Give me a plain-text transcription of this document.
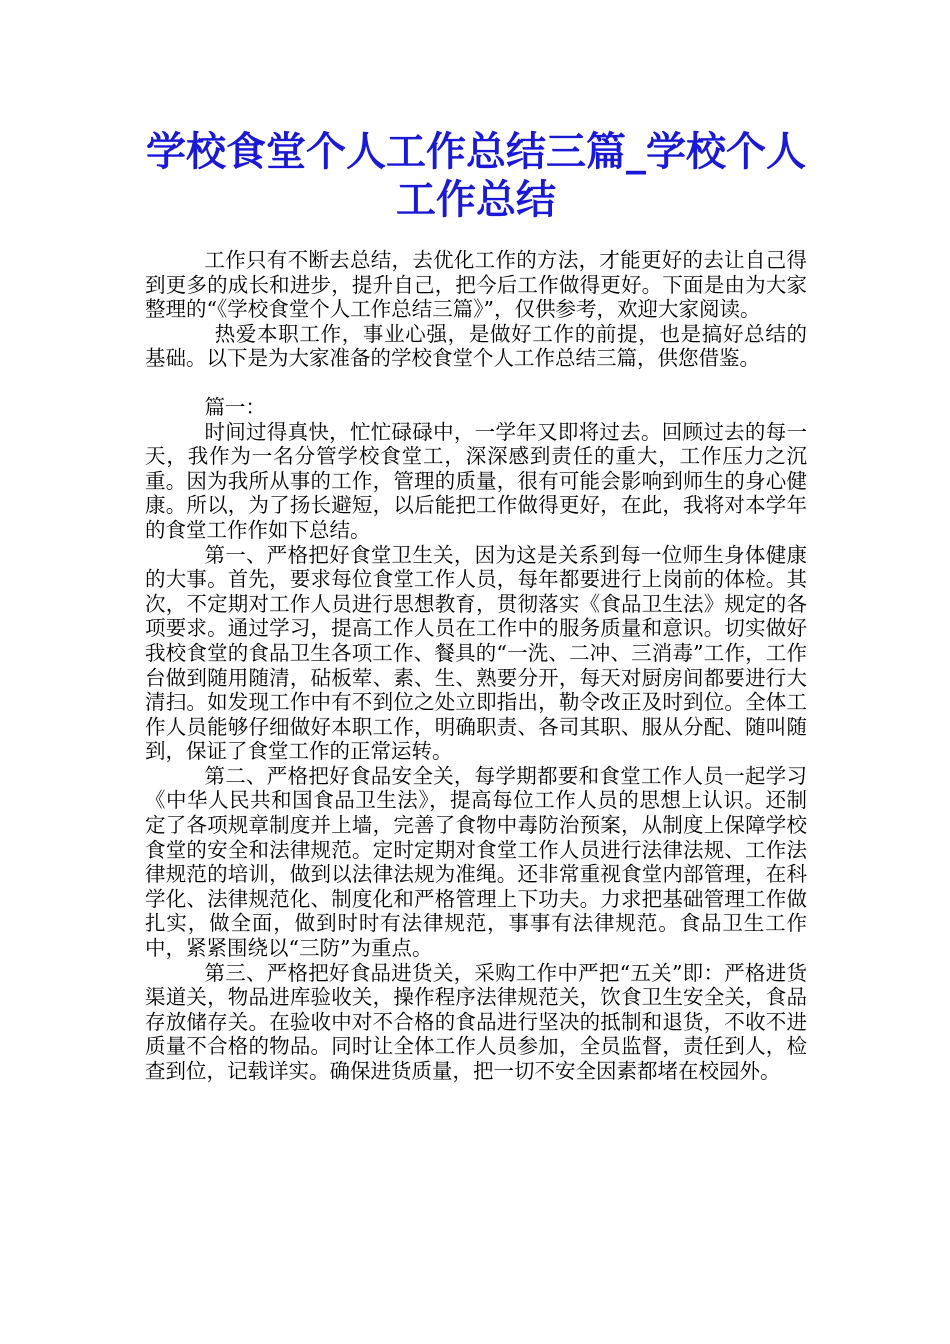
学校食堂个人工作总结三篇_学校个人工作总结

工作只有不断去总结，去优化工作的方法，才能更好的去让自己得到更多的成长和进步，提升自己，把今后工作做得更好。下面是由为大家整理的“《学校食堂个人工作总结三篇》”，仅供参考，欢迎大家阅读。

热爱本职工作，事业心强，是做好工作的前提，也是搞好总结的基础。以下是为大家准备的学校食堂个人工作总结三篇，供您借鉴。

篇一：

时间过得真快，忙忙碌碌中，一学年又即将过去。回顾过去的每一天，我作为一名分管学校食堂工，深深感到责任的重大，工作压力之沉重。因为我所从事的工作，管理的质量，很有可能会影响到师生的身心健康。所以，为了扬长避短，以后能把工作做得更好，在此，我将对本学年的食堂工作作如下总结。

第一、严格把好食堂卫生关，因为这是关系到每一位师生身体健康的大事。首先，要求每位食堂工作人员，每年都要进行上岗前的体检。其次，不定期对工作人员进行思想教育，贯彻落实《食品卫生法》规定的各项要求。通过学习，提高工作人员在工作中的服务质量和意识。切实做好我校食堂的食品卫生各项工作、餐具的“一洗、二冲、三消毒”工作，工作台做到随用随清，砧板荤、素、生、熟要分开，每天对厨房间都要进行大清扫。如发现工作中有不到位之处立即指出，勒令改正及时到位。全体工作人员能够仔细做好本职工作，明确职责、各司其职、服从分配、随叫随到，保证了食堂工作的正常运转。

第二、严格把好食品安全关，每学期都要和食堂工作人员一起学习《中华人民共和国食品卫生法》，提高每位工作人员的思想上认识。还制定了各项规章制度并上墙，完善了食物中毒防治预案，从制度上保障学校食堂的安全和法律规范。定时定期对食堂工作人员进行法律法规、工作法律规范的培训，做到以法律法规为准绳。还非常重视食堂内部管理，在科学化、法律规范化、制度化和严格管理上下功夫。力求把基础管理工作做扎实，做全面，做到时时有法律规范，事事有法律规范。食品卫生工作中，紧紧围绕以“三防”为重点。

第三、严格把好食品进货关，采购工作中严把“五关”即：严格进货渠道关，物品进库验收关，操作程序法律规范关，饮食卫生安全关，食品存放储存关。在验收中对不合格的食品进行坚决的抵制和退货，不收不进质量不合格的物品。同时让全体工作人员参加，全员监督，责任到人，检查到位，记载详实。确保进货质量，把一切不安全因素都堵在校园外。
